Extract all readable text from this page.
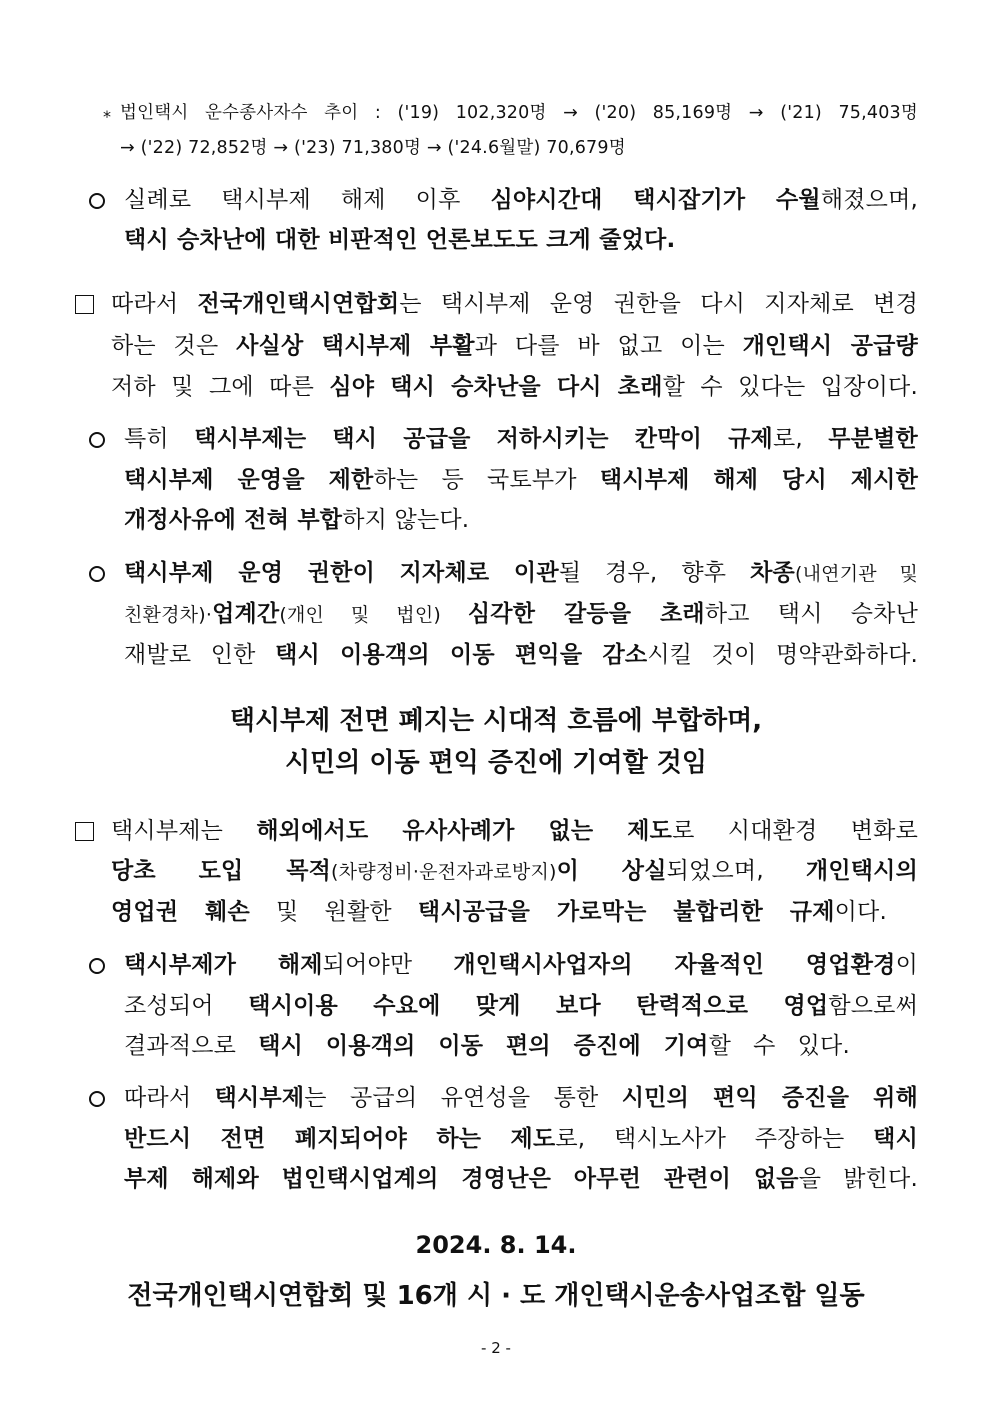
* 법인택시 운수종사자수 추이 : ('19) 102,320명 → ('20) 85,169명 → ('21) 75,403명
→ ('22) 72,852명 → ('23) 71,380명 → ('24.6월말) 70,679명
실례로 택시부제 해제 이후 심야시간대 택시잡기가 수월해졌으며,
택시 승차난에 대한 비판적인 언론보도도 크게 줄었다.
따라서 전국개인택시연합회는 택시부제 운영 권한을 다시 지자체로 변경
하는 것은 사실상 택시부제 부활과 다를 바 없고 이는 개인택시 공급량
저하 및 그에 따른 심야 택시 승차난을 다시 초래할 수 있다는 입장이다.
특히 택시부제는 택시 공급을 저하시키는 칸막이 규제로, 무분별한
택시부제 운영을 제한하는 등 국토부가 택시부제 해제 당시 제시한
개정사유에 전혀 부합하지 않는다.
택시부제 운영 권한이 지자체로 이관될 경우, 향후 차종(내연기관 및
친환경차)·업계간(개인 및 법인) 심각한 갈등을 초래하고 택시 승차난
재발로 인한 택시 이용객의 이동 편익을 감소시킬 것이 명약관화하다.
택시부제 전면 폐지는 시대적 흐름에 부합하며,
시민의 이동 편익 증진에 기여할 것임
택시부제는 해외에서도 유사사례가 없는 제도로 시대환경 변화로
당초 도입 목적(차량정비·운전자과로방지)이 상실되었으며, 개인택시의
영업권 훼손 및 원활한 택시공급을 가로막는 불합리한 규제이다.
택시부제가 해제되어야만 개인택시사업자의 자율적인 영업환경이
조성되어 택시이용 수요에 맞게 보다 탄력적으로 영업함으로써
결과적으로 택시 이용객의 이동 편의 증진에 기여할 수 있다.
따라서 택시부제는 공급의 유연성을 통한 시민의 편익 증진을 위해
반드시 전면 폐지되어야 하는 제도로, 택시노사가 주장하는 택시
부제 해제와 법인택시업계의 경영난은 아무런 관련이 없음을 밝힌다.
2024. 8. 14.
전국개인택시연합회 및 16개 시 · 도 개인택시운송사업조합 일동
- 2 -
